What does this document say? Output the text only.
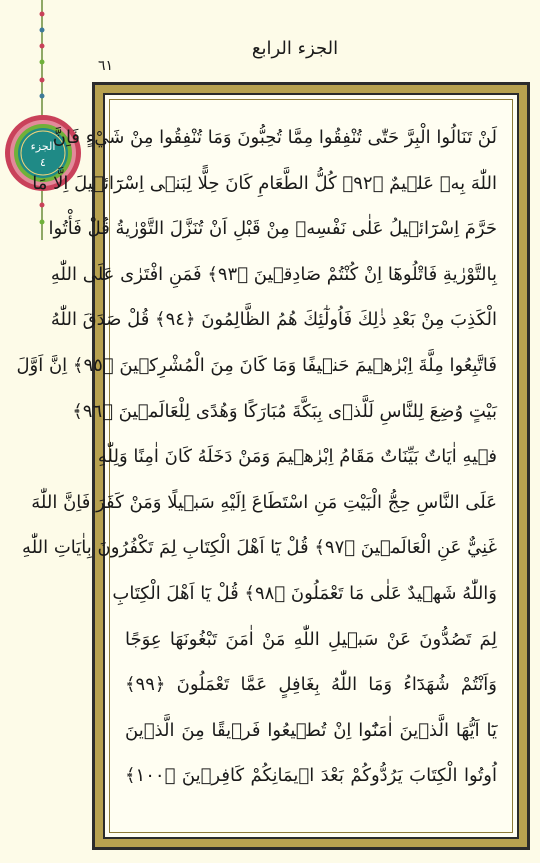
الجزء
٤
الجزء الرابع
٦١
لَنْ تَنَالُوا الْبِرَّ حَتّٰى تُنْفِقُوا مِمَّا تُحِبُّونَ وَمَا تُنْفِقُوا مِنْ شَيْءٍ فَاِنَّ
اللّٰهَ بِهٖ عَلٖيمٌ ﴿٩٢﴾ كُلُّ الطَّعَامِ كَانَ حِلًّا لِبَنٖى اِسْرَٓائٖيلَ اِلَّا مَا
حَرَّمَ اِسْرَٓائٖيلُ عَلٰى نَفْسِهٖ مِنْ قَبْلِ اَنْ تُنَزَّلَ التَّوْرٰيةُ قُلْ فَأْتُوا
بِالتَّوْرٰيةِ فَاتْلُوهَٓا اِنْ كُنْتُمْ صَادِقٖينَ ﴿٩٣﴾ فَمَنِ افْتَرٰى عَلَى اللّٰهِ
الْكَذِبَ مِنْ بَعْدِ ذٰلِكَ فَاُولٰٓئِكَ هُمُ الظَّالِمُونَ ﴿٩٤﴾ قُلْ صَدَقَ اللّٰهُ
فَاتَّبِعُوا مِلَّةَ اِبْرٰهٖيمَ حَنٖيفًا وَمَا كَانَ مِنَ الْمُشْرِكٖينَ ﴿٩٥﴾ اِنَّ اَوَّلَ
بَيْتٍ وُضِعَ لِلنَّاسِ لَلَّذٖى بِبَكَّةَ مُبَارَكًا وَهُدًى لِلْعَالَمٖينَ ﴿٩٦﴾
فٖيهِ اٰيَاتٌ بَيِّنَاتٌ مَقَامُ اِبْرٰهٖيمَ وَمَنْ دَخَلَهُ كَانَ اٰمِنًا وَلِلّٰهِ
عَلَى النَّاسِ حِجُّ الْبَيْتِ مَنِ اسْتَطَاعَ اِلَيْهِ سَبٖيلًا وَمَنْ كَفَرَ فَاِنَّ اللّٰهَ
غَنِيٌّ عَنِ الْعَالَمٖينَ ﴿٩٧﴾ قُلْ يَٓا اَهْلَ الْكِتَابِ لِمَ تَكْفُرُونَ بِاٰيَاتِ اللّٰهِ
وَاللّٰهُ شَهٖيدٌ عَلٰى مَا تَعْمَلُونَ ﴿٩٨﴾ قُلْ يَٓا اَهْلَ الْكِتَابِ
لِمَ تَصُدُّونَ عَنْ سَبٖيلِ اللّٰهِ مَنْ اٰمَنَ تَبْغُونَهَا عِوَجًا
وَاَنْتُمْ شُهَدَٓاءُ وَمَا اللّٰهُ بِغَافِلٍ عَمَّا تَعْمَلُونَ ﴿٩٩﴾
يَٓا اَيُّهَا الَّذٖينَ اٰمَنُٓوا اِنْ تُطٖيعُوا فَرٖيقًا مِنَ الَّذٖينَ
اُوتُوا الْكِتَابَ يَرُدُّوكُمْ بَعْدَ اٖيمَانِكُمْ كَافِرٖينَ ﴿١٠٠﴾
